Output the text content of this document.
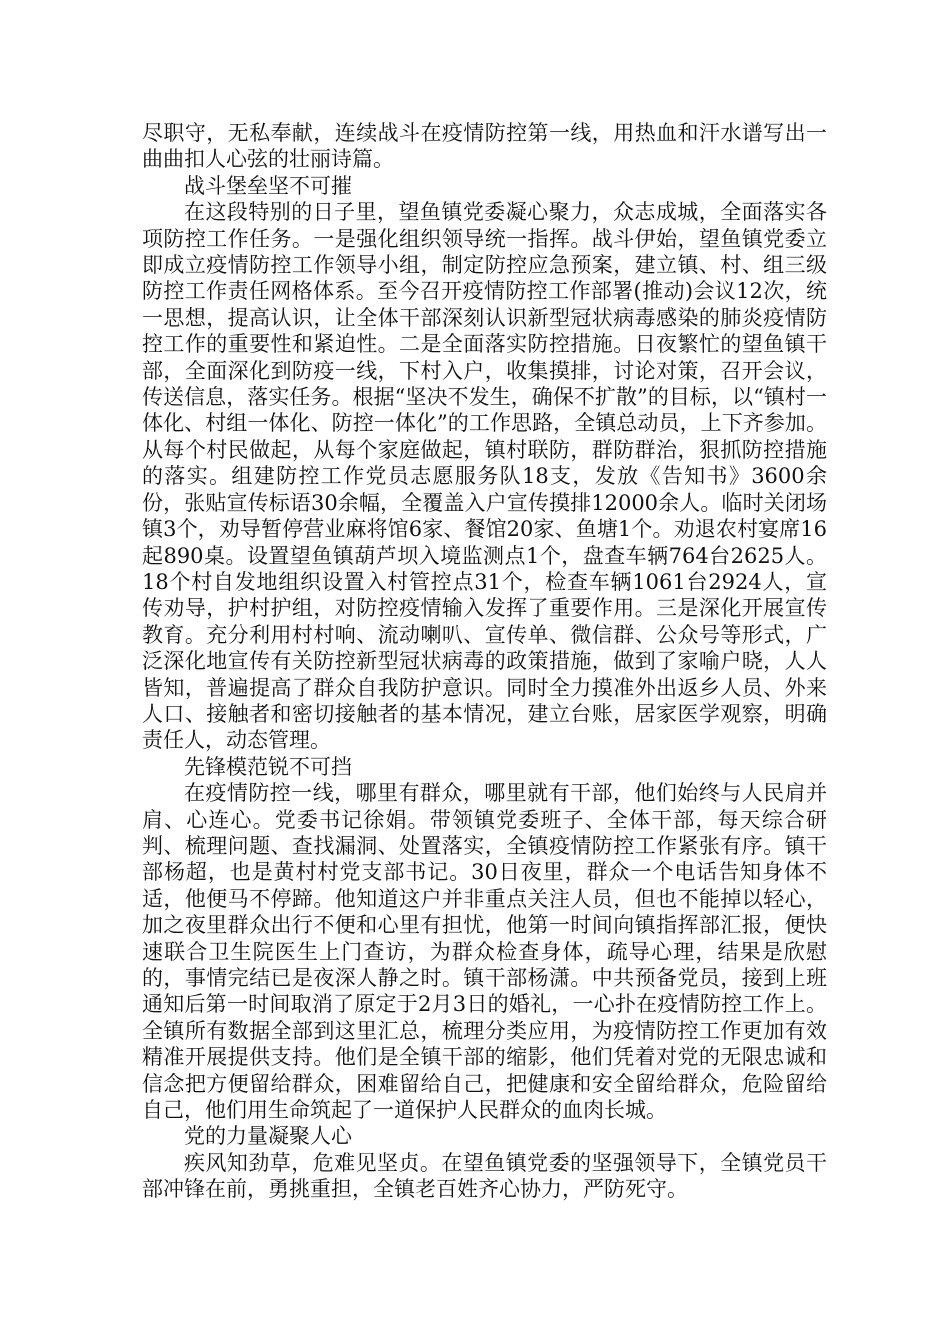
尽职守，无私奉献，连续战斗在疫情防控第一线，用热血和汗水谱写出一曲曲扣人心弦的壮丽诗篇。

战斗堡垒坚不可摧

在这段特别的日子里，望鱼镇党委凝心聚力，众志成城，全面落实各项防控工作任务。一是强化组织领导统一指挥。战斗伊始，望鱼镇党委立即成立疫情防控工作领导小组，制定防控应急预案，建立镇、村、组三级防控工作责任网格体系。至今召开疫情防控工作部署(推动)会议12次，统一思想，提高认识，让全体干部深刻认识新型冠状病毒感染的肺炎疫情防控工作的重要性和紧迫性。二是全面落实防控措施。日夜繁忙的望鱼镇干部，全面深化到防疫一线，下村入户，收集摸排，讨论对策，召开会议，传送信息，落实任务。根据“坚决不发生，确保不扩散”的目标，以“镇村一体化、村组一体化、防控一体化”的工作思路，全镇总动员，上下齐参加。从每个村民做起，从每个家庭做起，镇村联防，群防群治，狠抓防控措施的落实。组建防控工作党员志愿服务队18支，发放《告知书》3600余份，张贴宣传标语30余幅，全覆盖入户宣传摸排12000余人。临时关闭场镇3个，劝导暂停营业麻将馆6家、餐馆20家、鱼塘1个。劝退农村宴席16起890桌。设置望鱼镇葫芦坝入境监测点1个，盘查车辆764台2625人。18个村自发地组织设置入村管控点31个，检查车辆1061台2924人，宣传劝导，护村护组，对防控疫情输入发挥了重要作用。三是深化开展宣传教育。充分利用村村响、流动喇叭、宣传单、微信群、公众号等形式，广泛深化地宣传有关防控新型冠状病毒的政策措施，做到了家喻户晓，人人皆知，普遍提高了群众自我防护意识。同时全力摸准外出返乡人员、外来人口、接触者和密切接触者的基本情况，建立台账，居家医学观察，明确责任人，动态管理。

先锋模范锐不可挡

在疫情防控一线，哪里有群众，哪里就有干部，他们始终与人民肩并肩、心连心。党委书记徐娟。带领镇党委班子、全体干部，每天综合研判、梳理问题、查找漏洞、处置落实，全镇疫情防控工作紧张有序。镇干部杨超，也是黄村村党支部书记。30日夜里，群众一个电话告知身体不适，他便马不停蹄。他知道这户并非重点关注人员，但也不能掉以轻心，加之夜里群众出行不便和心里有担忧，他第一时间向镇指挥部汇报，便快速联合卫生院医生上门查访，为群众检查身体，疏导心理，结果是欣慰的，事情完结已是夜深人静之时。镇干部杨潇。中共预备党员，接到上班通知后第一时间取消了原定于2月3日的婚礼，一心扑在疫情防控工作上。全镇所有数据全部到这里汇总，梳理分类应用，为疫情防控工作更加有效精准开展提供支持。他们是全镇干部的缩影，他们凭着对党的无限忠诚和信念把方便留给群众，困难留给自己，把健康和安全留给群众，危险留给自己，他们用生命筑起了一道保护人民群众的血肉长城。

党的力量凝聚人心

疾风知劲草，危难见坚贞。在望鱼镇党委的坚强领导下，全镇党员干部冲锋在前，勇挑重担，全镇老百姓齐心协力，严防死守。
